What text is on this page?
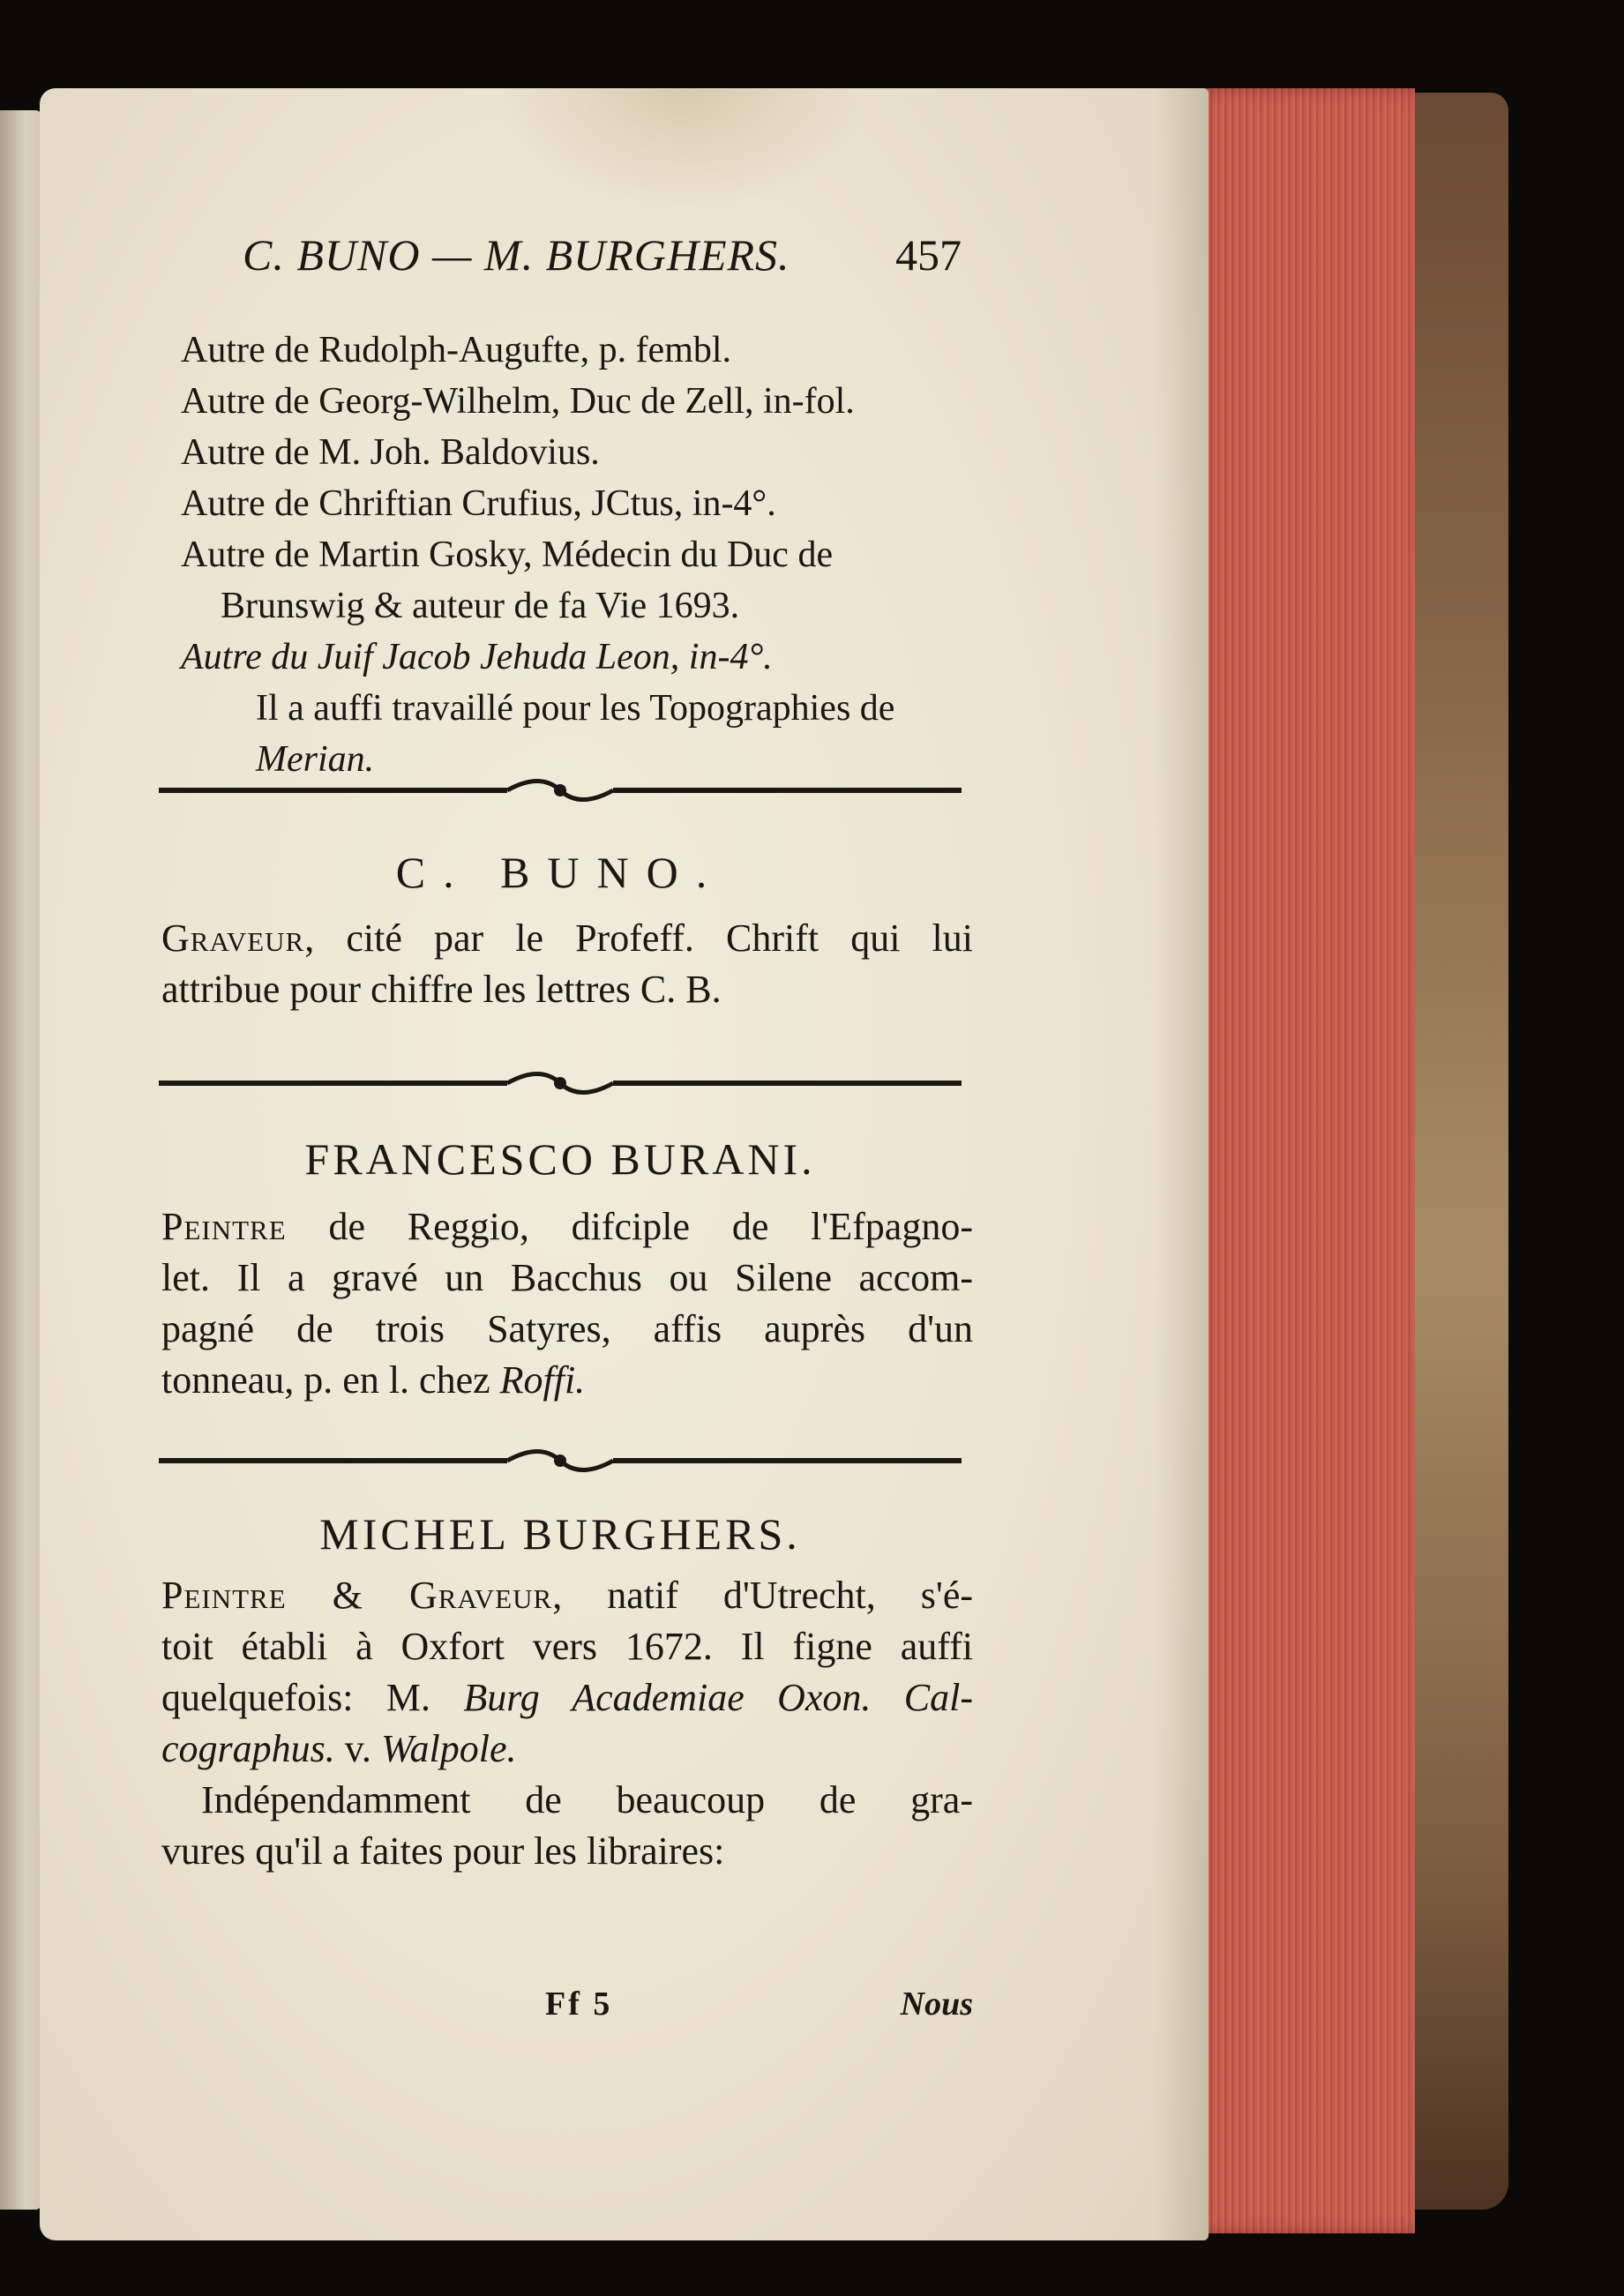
C. BUNO — M. BURGHERS. 457
Autre de Rudolph-Augufte, p. fembl.
Autre de Georg-Wilhelm, Duc de Zell, in-fol.
Autre de M. Joh. Baldovius.
Autre de Chriftian Crufius, JCtus, in-4°.
Autre de Martin Gosky, Médecin du Duc de
Brunswig & auteur de fa Vie 1693.
Autre du Juif Jacob Jehuda Leon, in-4°.
Il a auffi travaillé pour les Topographies de
Merian.
C. BUNO.
Graveur, cité par le Profeff. Chrift qui lui
attribue pour chiffre les lettres C. B.
FRANCESCO BURANI.
Peintre de Reggio, difciple de l'Efpagno-
let. Il a gravé un Bacchus ou Silene accom-
pagné de trois Satyres, affis auprès d'un
tonneau, p. en l. chez Roffi.
MICHEL BURGHERS.
Peintre & Graveur, natif d'Utrecht, s'é-
toit établi à Oxfort vers 1672. Il figne auffi
quelquefois: M. Burg Academiae Oxon. Cal-
cographus. v. Walpole.
Indépendamment de beaucoup de gra-
vures qu'il a faites pour les libraires:
Ff 5	Nous
